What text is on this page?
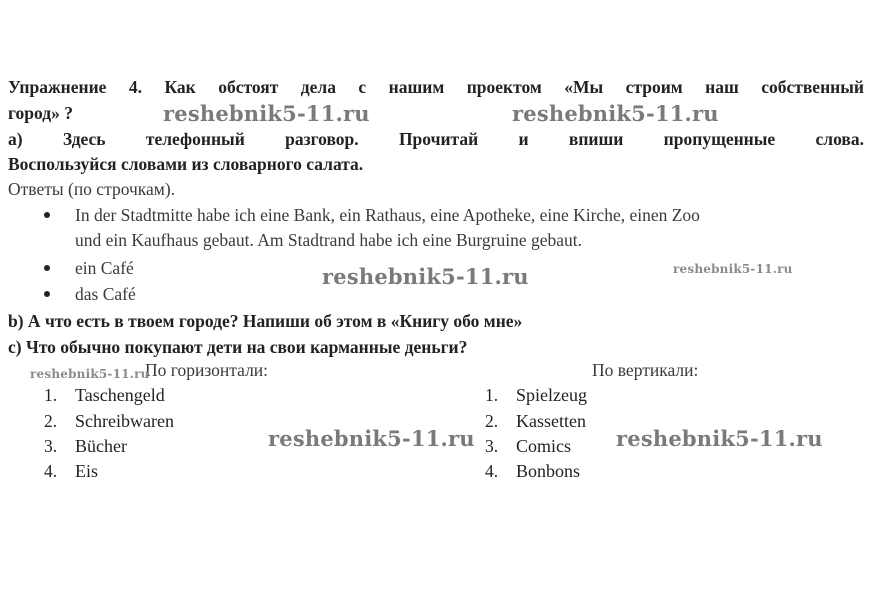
Упражнение 4. Как обстоят дела с нашим проектом «Мы строим наш собственный
город» ?
а) Здесь телефонный разговор. Прочитай и впиши пропущенные слова.
Воспользуйся словами из словарного салата.
Ответы (по строчкам).
In der Stadtmitte habe ich eine Bank, ein Rathaus, eine Apotheke, eine Kirche, einen Zoo
und ein Kaufhaus gebaut. Am Stadtrand habe ich eine Burgruine gebaut.
ein Café
das Café
b) А что есть в твоем городе? Напиши об этом в «Книгу обо мне»
c) Что обычно покупают дети на свои карманные деньги?
По горизонтали:
1. Taschengeld
2. Schreibwaren
3. Bücher
4. Eis
По вертикали:
1. Spielzeug
2. Kassetten
3. Comics
4. Bonbons
reshebnik5-11.ru	reshebnik5-11.ru
reshebnik5-11.ru	reshebnik5-11.ru
reshebnik5-11.ru
reshebnik5-11.ru	reshebnik5-11.ru
